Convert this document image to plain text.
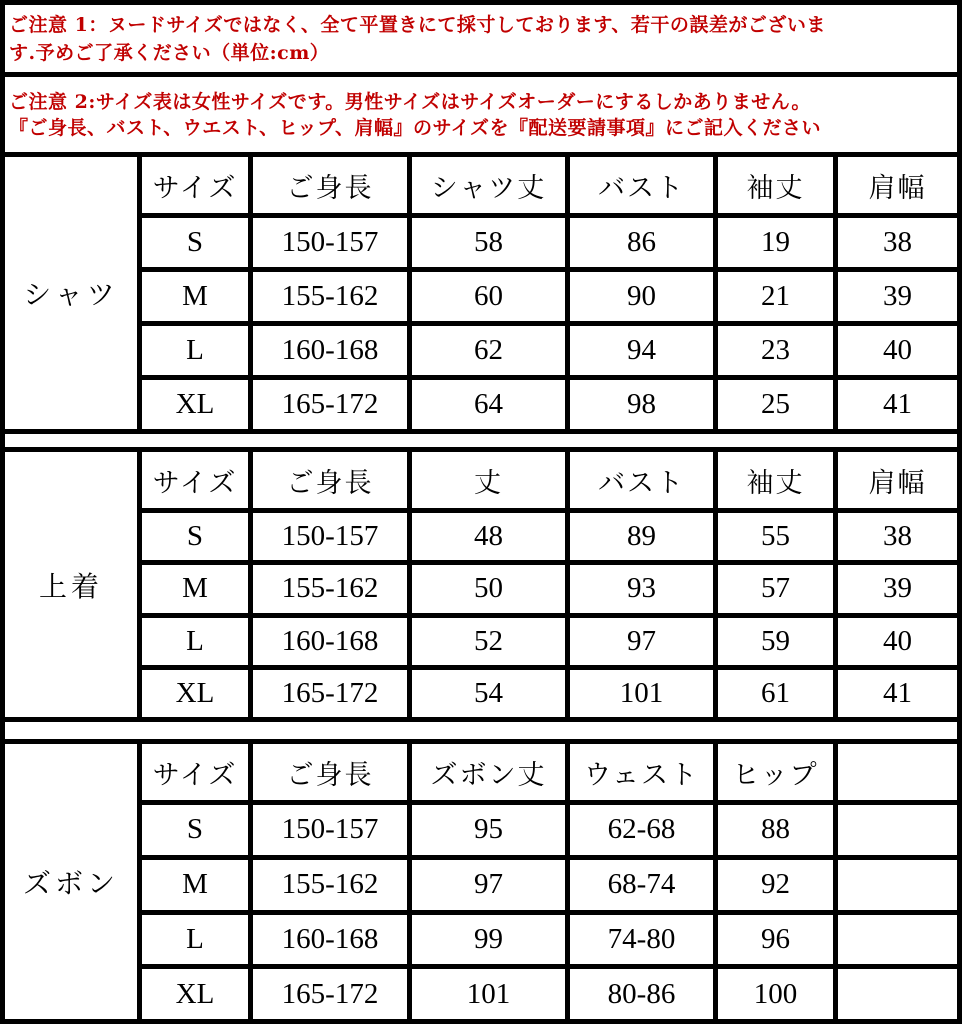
ご注意 1：ヌードサイズではなく、全て平置きにて採寸しております、若干の誤差がございま
す.予めご了承ください（単位:cm）
ご注意 2:サイズ表は女性サイズです。男性サイズはサイズオーダーにするしかありません。
『ご身長、バスト、ウエスト、ヒップ、肩幅』のサイズを『配送要請事項』にご記入ください
シャツ
サイズ	ご身長	シャツ丈	バスト	袖丈	肩幅
S	150-157	58	86	19	38
M	155-162	60	90	21	39
L	160-168	62	94	23	40
XL	165-172	64	98	25	41
上着
サイズ	ご身長	丈	バスト	袖丈	肩幅
S	150-157	48	89	55	38
M	155-162	50	93	57	39
L	160-168	52	97	59	40
XL	165-172	54	101	61	41
ズボン
サイズ	ご身長	ズボン丈	ウェスト	ヒップ
S	150-157	95	62-68	88
M	155-162	97	68-74	92
L	160-168	99	74-80	96
XL	165-172	101	80-86	100
